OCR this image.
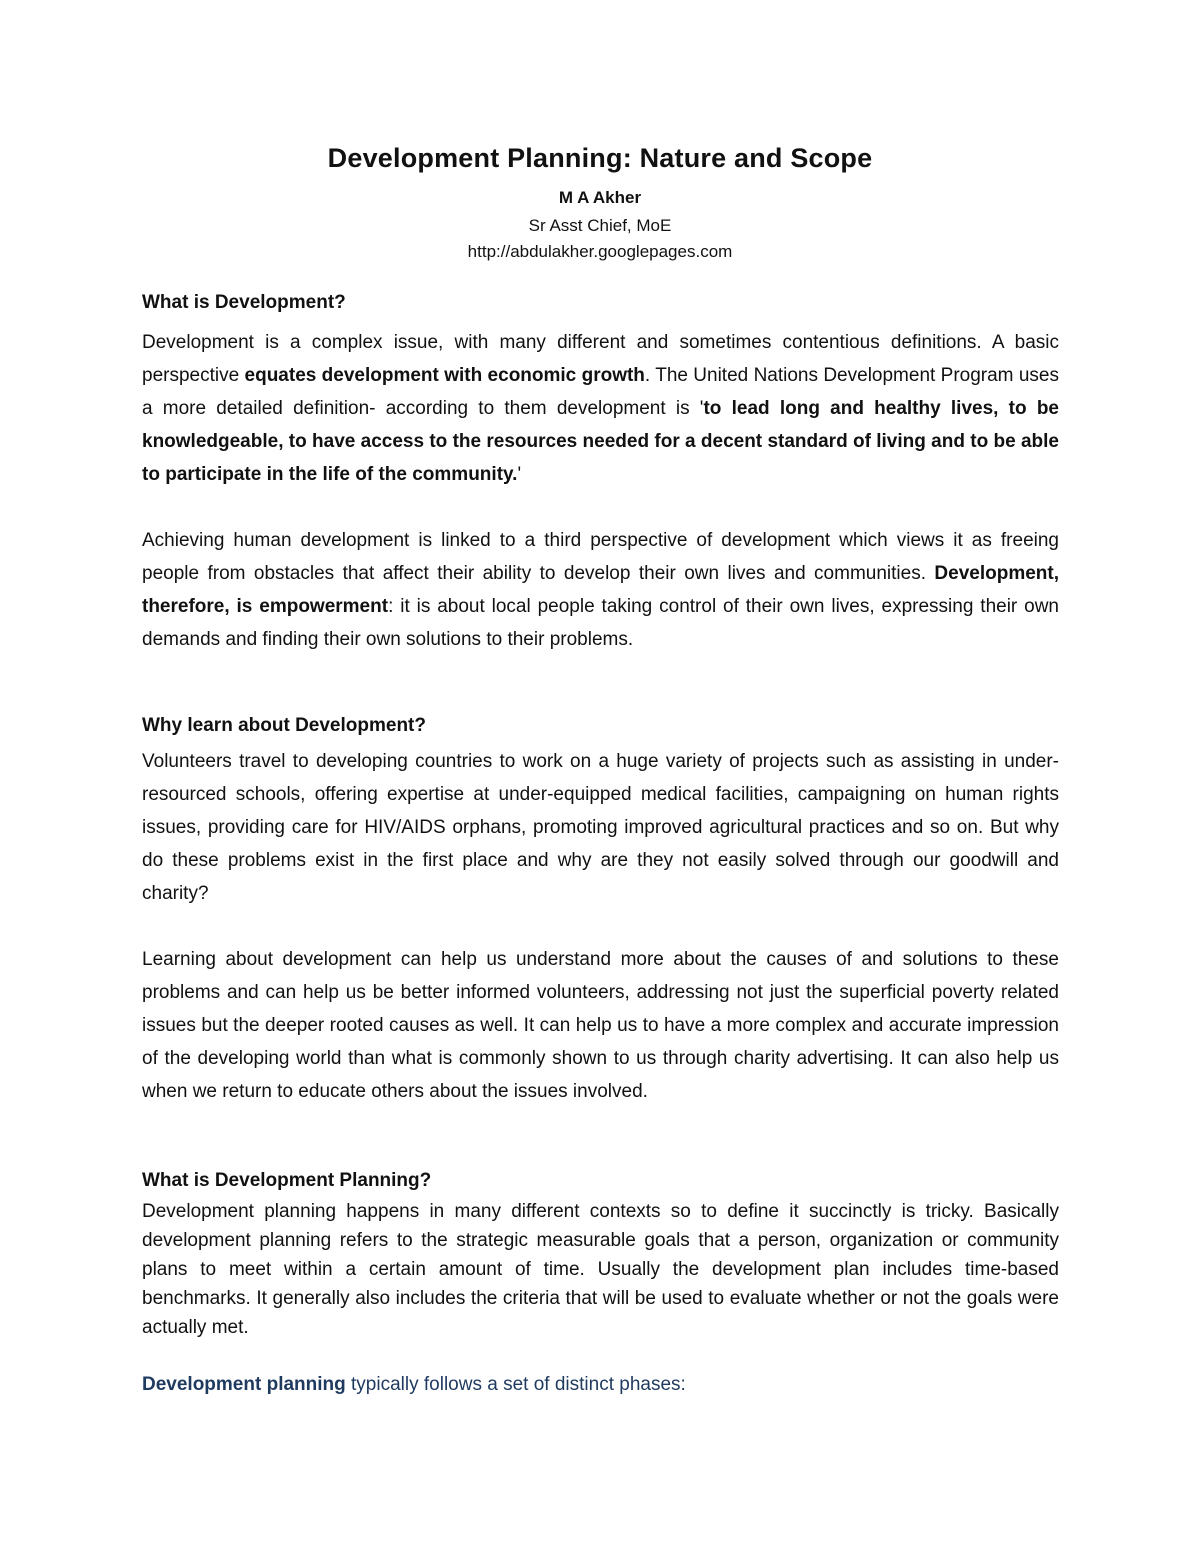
Development Planning: Nature and Scope
M A Akher
Sr Asst Chief, MoE
http://abdulakher.googlepages.com
What is Development?

Development is a complex issue, with many different and sometimes contentious definitions. A basic perspective equates development with economic growth. The United Nations Development Program uses a more detailed definition- according to them development is 'to lead long and healthy lives, to be knowledgeable, to have access to the resources needed for a decent standard of living and to be able to participate in the life of the community.'

Achieving human development is linked to a third perspective of development which views it as freeing people from obstacles that affect their ability to develop their own lives and communities. Development, therefore, is empowerment: it is about local people taking control of their own lives, expressing their own demands and finding their own solutions to their problems.

Why learn about Development?

Volunteers travel to developing countries to work on a huge variety of projects such as assisting in under-resourced schools, offering expertise at under-equipped medical facilities, campaigning on human rights issues, providing care for HIV/AIDS orphans, promoting improved agricultural practices and so on. But why do these problems exist in the first place and why are they not easily solved through our goodwill and charity?

Learning about development can help us understand more about the causes of and solutions to these problems and can help us be better informed volunteers, addressing not just the superficial poverty related issues but the deeper rooted causes as well. It can help us to have a more complex and accurate impression of the developing world than what is commonly shown to us through charity advertising. It can also help us when we return to educate others about the issues involved.

What is Development Planning?

Development planning happens in many different contexts so to define it succinctly is tricky. Basically development planning refers to the strategic measurable goals that a person, organization or community plans to meet within a certain amount of time. Usually the development plan includes time-based benchmarks. It generally also includes the criteria that will be used to evaluate whether or not the goals were actually met.

Development planning typically follows a set of distinct phases:
